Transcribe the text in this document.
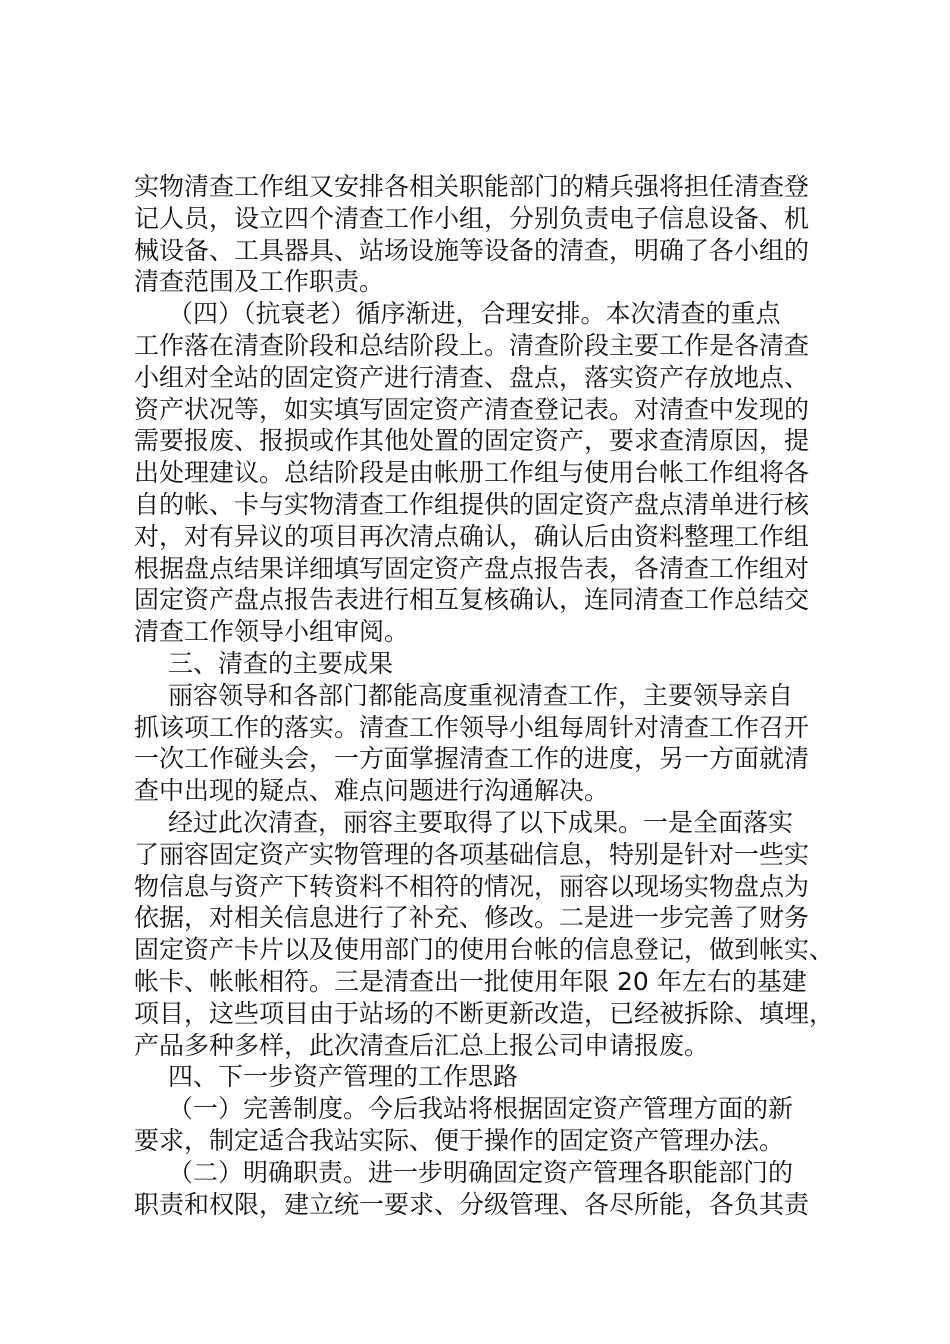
实物清查工作组又安排各相关职能部门的精兵强将担任清查登
记人员，设立四个清查工作小组，分别负责电子信息设备、机
械设备、工具器具、站场设施等设备的清查，明确了各小组的
清查范围及工作职责。
（四）（抗衰老）循序渐进，合理安排。本次清查的重点
工作落在清查阶段和总结阶段上。清查阶段主要工作是各清查
小组对全站的固定资产进行清查、盘点，落实资产存放地点、
资产状况等，如实填写固定资产清查登记表。对清查中发现的
需要报废、报损或作其他处置的固定资产，要求查清原因，提
出处理建议。总结阶段是由帐册工作组与使用台帐工作组将各
自的帐、卡与实物清查工作组提供的固定资产盘点清单进行核
对，对有异议的项目再次清点确认，确认后由资料整理工作组
根据盘点结果详细填写固定资产盘点报告表，各清查工作组对
固定资产盘点报告表进行相互复核确认，连同清查工作总结交
清查工作领导小组审阅。
三、清查的主要成果
丽容领导和各部门都能高度重视清查工作，主要领导亲自
抓该项工作的落实。清查工作领导小组每周针对清查工作召开
一次工作碰头会，一方面掌握清查工作的进度，另一方面就清
查中出现的疑点、难点问题进行沟通解决。
经过此次清查，丽容主要取得了以下成果。一是全面落实
了丽容固定资产实物管理的各项基础信息，特别是针对一些实
物信息与资产下转资料不相符的情况，丽容以现场实物盘点为
依据，对相关信息进行了补充、修改。二是进一步完善了财务
固定资产卡片以及使用部门的使用台帐的信息登记，做到帐实、
帐卡、帐帐相符。三是清查出一批使用年限 20 年左右的基建
项目，这些项目由于站场的不断更新改造，已经被拆除、填埋，
产品多种多样，此次清查后汇总上报公司申请报废。
四、下一步资产管理的工作思路
（一）完善制度。今后我站将根据固定资产管理方面的新
要求，制定适合我站实际、便于操作的固定资产管理办法。
（二）明确职责。进一步明确固定资产管理各职能部门的
职责和权限，建立统一要求、分级管理、各尽所能，各负其责
